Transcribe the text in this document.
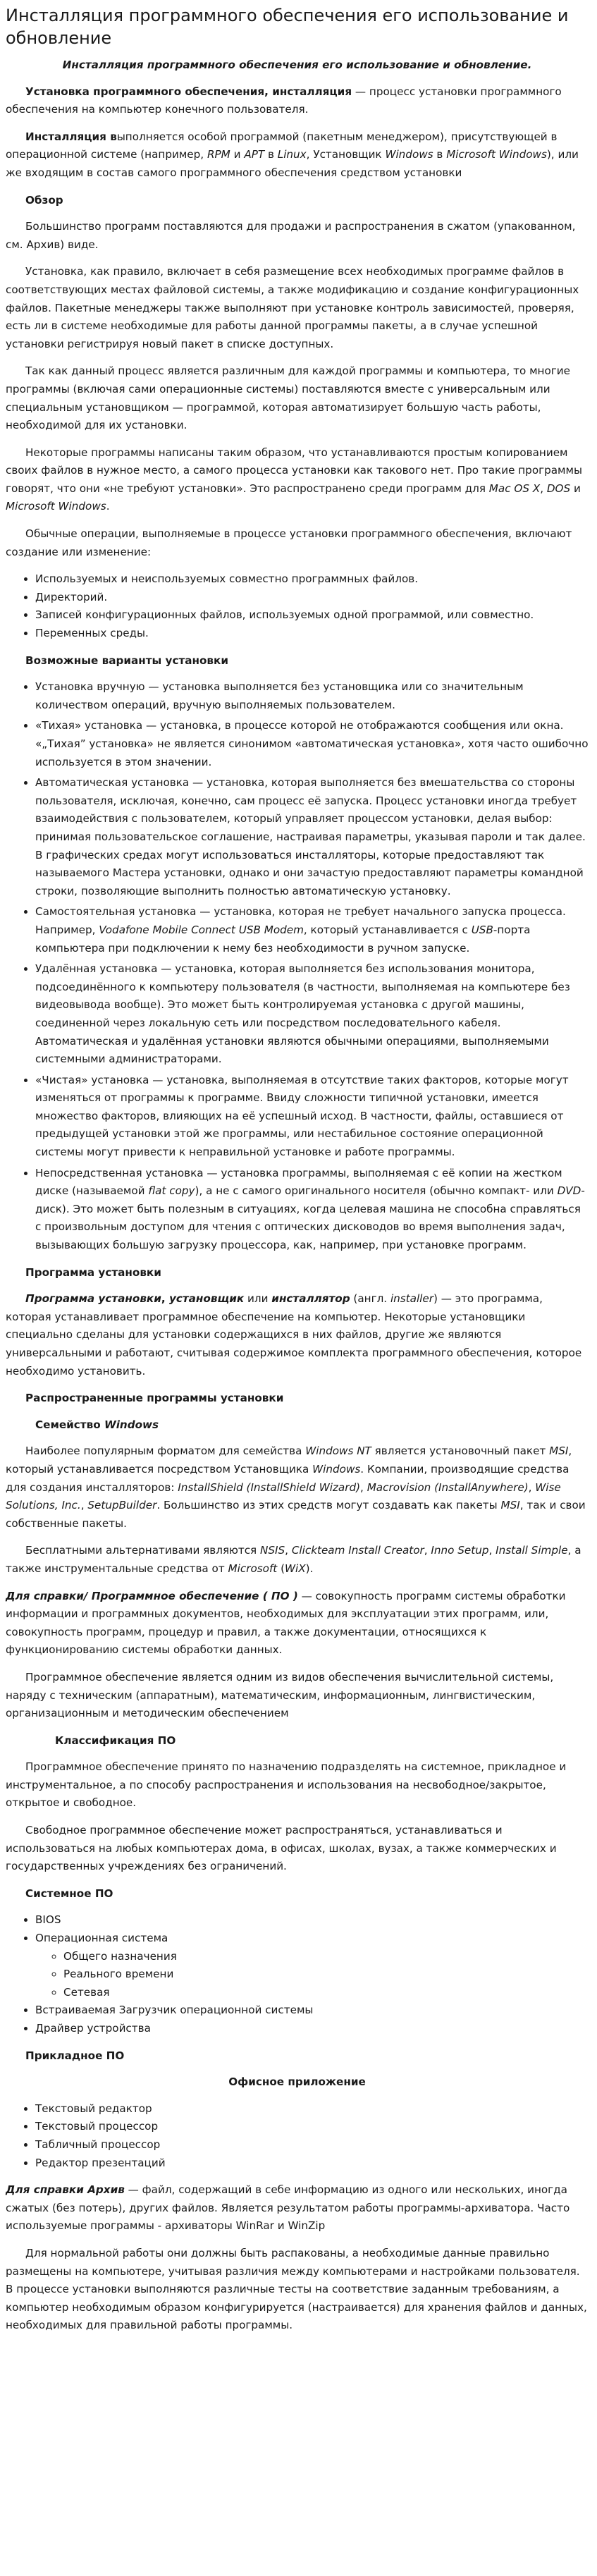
Инсталляция программного обеспечения его использование и обновление
Инсталляция программного обеспечения его использование и обновление.

Установка программного обеспечения, инсталляция — процесс установки программного обеспечения на компьютер конечного пользователя.

Инсталляция выполняется особой программой (пакетным менеджером), присутствующей в операционной системе (например, RPM и APT в Linux, Установщик Windows в Microsoft Windows), или же входящим в состав самого программного обеспечения средством установки

Обзор

Большинство программ поставляются для продажи и распространения в сжатом (упакованном, см. Архив) виде.

Установка, как правило, включает в себя размещение всех необходимых программе файлов в соответствующих местах файловой системы, а также модификацию и создание конфигурационных файлов. Пакетные менеджеры также выполняют при установке контроль зависимостей, проверяя, есть ли в системе необходимые для работы данной программы пакеты, а в случае успешной установки регистрируя новый пакет в списке доступных.

Так как данный процесс является различным для каждой программы и компьютера, то многие программы (включая сами операционные системы) поставляются вместе с универсальным или специальным установщиком — программой, которая автоматизирует большую часть работы, необходимой для их установки.

Некоторые программы написаны таким образом, что устанавливаются простым копированием своих файлов в нужное место, а самого процесса установки как такового нет. Про такие программы говорят, что они «не требуют установки». Это распространено среди программ для Mac OS X, DOS и Microsoft Windows.

Обычные операции, выполняемые в процессе установки программного обеспечения, включают создание или изменение:

• Используемых и неиспользуемых совместно программных файлов.
• Директорий.
• Записей конфигурационных файлов, используемых одной программой, или совместно.
• Переменных среды.
Возможные варианты установки
• Установка вручную — установка выполняется без установщика или со значительным количеством операций, вручную выполняемых пользователем.
• «Тихая» установка — установка, в процессе которой не отображаются сообщения или окна. «„Тихая” установка» не является синонимом «автоматическая установка», хотя часто ошибочно используется в этом значении.
• Автоматическая установка — установка, которая выполняется без вмешательства со стороны пользователя, исключая, конечно, сам процесс её запуска. Процесс установки иногда требует взаимодействия с пользователем, который управляет процессом установки, делая выбор: принимая пользовательское соглашение, настраивая параметры, указывая пароли и так далее. В графических средах могут использоваться инсталляторы, которые предоставляют так называемого Мастера установки, однако и они зачастую предоставляют параметры командной строки, позволяющие выполнить полностью автоматическую установку.
• Самостоятельная установка — установка, которая не требует начального запуска процесса. Например, Vodafone Mobile Connect USB Modem, который устанавливается с USB-порта компьютера при подключении к нему без необходимости в ручном запуске.
• Удалённая установка — установка, которая выполняется без использования монитора, подсоединённого к компьютеру пользователя (в частности, выполняемая на компьютере без видеовывода вообще). Это может быть контролируемая установка с другой машины, соединенной через локальную сеть или посредством последовательного кабеля. Автоматическая и удалённая установки являются обычными операциями, выполняемыми системными администраторами.
• «Чистая» установка — установка, выполняемая в отсутствие таких факторов, которые могут изменяться от программы к программе. Ввиду сложности типичной установки, имеется множество факторов, влияющих на её успешный исход. В частности, файлы, оставшиеся от предыдущей установки этой же программы, или нестабильное состояние операционной системы могут привести к неправильной установке и работе программы.
• Непосредственная установка — установка программы, выполняемая с её копии на жестком диске (называемой flat copy), а не с самого оригинального носителя (обычно компакт- или DVD-диск). Это может быть полезным в ситуациях, когда целевая машина не способна справляться с произвольным доступом для чтения с оптических дисководов во время выполнения задач, вызывающих большую загрузку процессора, как, например, при установке программ.
Программа установки

Программа установки, установщик или инсталлятор (англ. installer) — это программа, которая устанавливает программное обеспечение на компьютер. Некоторые установщики специально сделаны для установки содержащихся в них файлов, другие же являются универсальными и работают, считывая содержимое комплекта программного обеспечения, которое необходимо установить.

Распространенные программы установки
Семейство Windows

Наиболее популярным форматом для семейства Windows NT является установочный пакет MSI, который устанавливается посредством Установщика Windows. Компании, производящие средства для создания инсталляторов: InstallShield (InstallShield Wizard), Macrovision (InstallAnywhere), Wise Solutions, Inc., SetupBuilder. Большинство из этих средств могут создавать как пакеты MSI, так и свои собственные пакеты.

Бесплатными альтернативами являются NSIS, Clickteam Install Creator, Inno Setup, Install Simple, а также инструментальные средства от Microsoft (WiX).

Для справки/ Программное обеспечение ( ПО ) — совокупность программ системы обработки информации и программных документов, необходимых для эксплуатации этих программ, или, совокупность программ, процедур и правил, а также документации, относящихся к функционированию системы обработки данных.

Программное обеспечение является одним из видов обеспечения вычислительной системы, наряду с техническим (аппаратным), математическим, информационным, лингвистическим, организационным и методическим обеспечением

Классификация ПО

Программное обеспечение принято по назначению подразделять на системное, прикладное и инструментальное, а по способу распространения и использования на несвободное/закрытое, открытое и свободное.

Свободное программное обеспечение может распространяться, устанавливаться и использоваться на любых компьютерах дома, в офисах, школах, вузах, а также коммерческих и государственных учреждениях без ограничений.

Системное ПО
• BIOS
• Операционная система
◦ Общего назначения
◦ Реального времени
◦ Сетевая
• Встраиваемая Загрузчик операционной системы
• Драйвер устройства
Прикладное ПО
Офисное приложение
• Текстовый редактор
• Текстовый процессор
• Табличный процессор
• Редактор презентаций

Для справки Архив — файл, содержащий в себе информацию из одного или нескольких, иногда сжатых (без потерь), других файлов. Является результатом работы программы-архиватора. Часто используемые программы - архиваторы WinRar и WinZip

Для нормальной работы они должны быть распакованы, а необходимые данные правильно размещены на компьютере, учитывая различия между компьютерами и настройками пользователя. В процессе установки выполняются различные тесты на соответствие заданным требованиям, а компьютер необходимым образом конфигурируется (настраивается) для хранения файлов и данных, необходимых для правильной работы программы.
